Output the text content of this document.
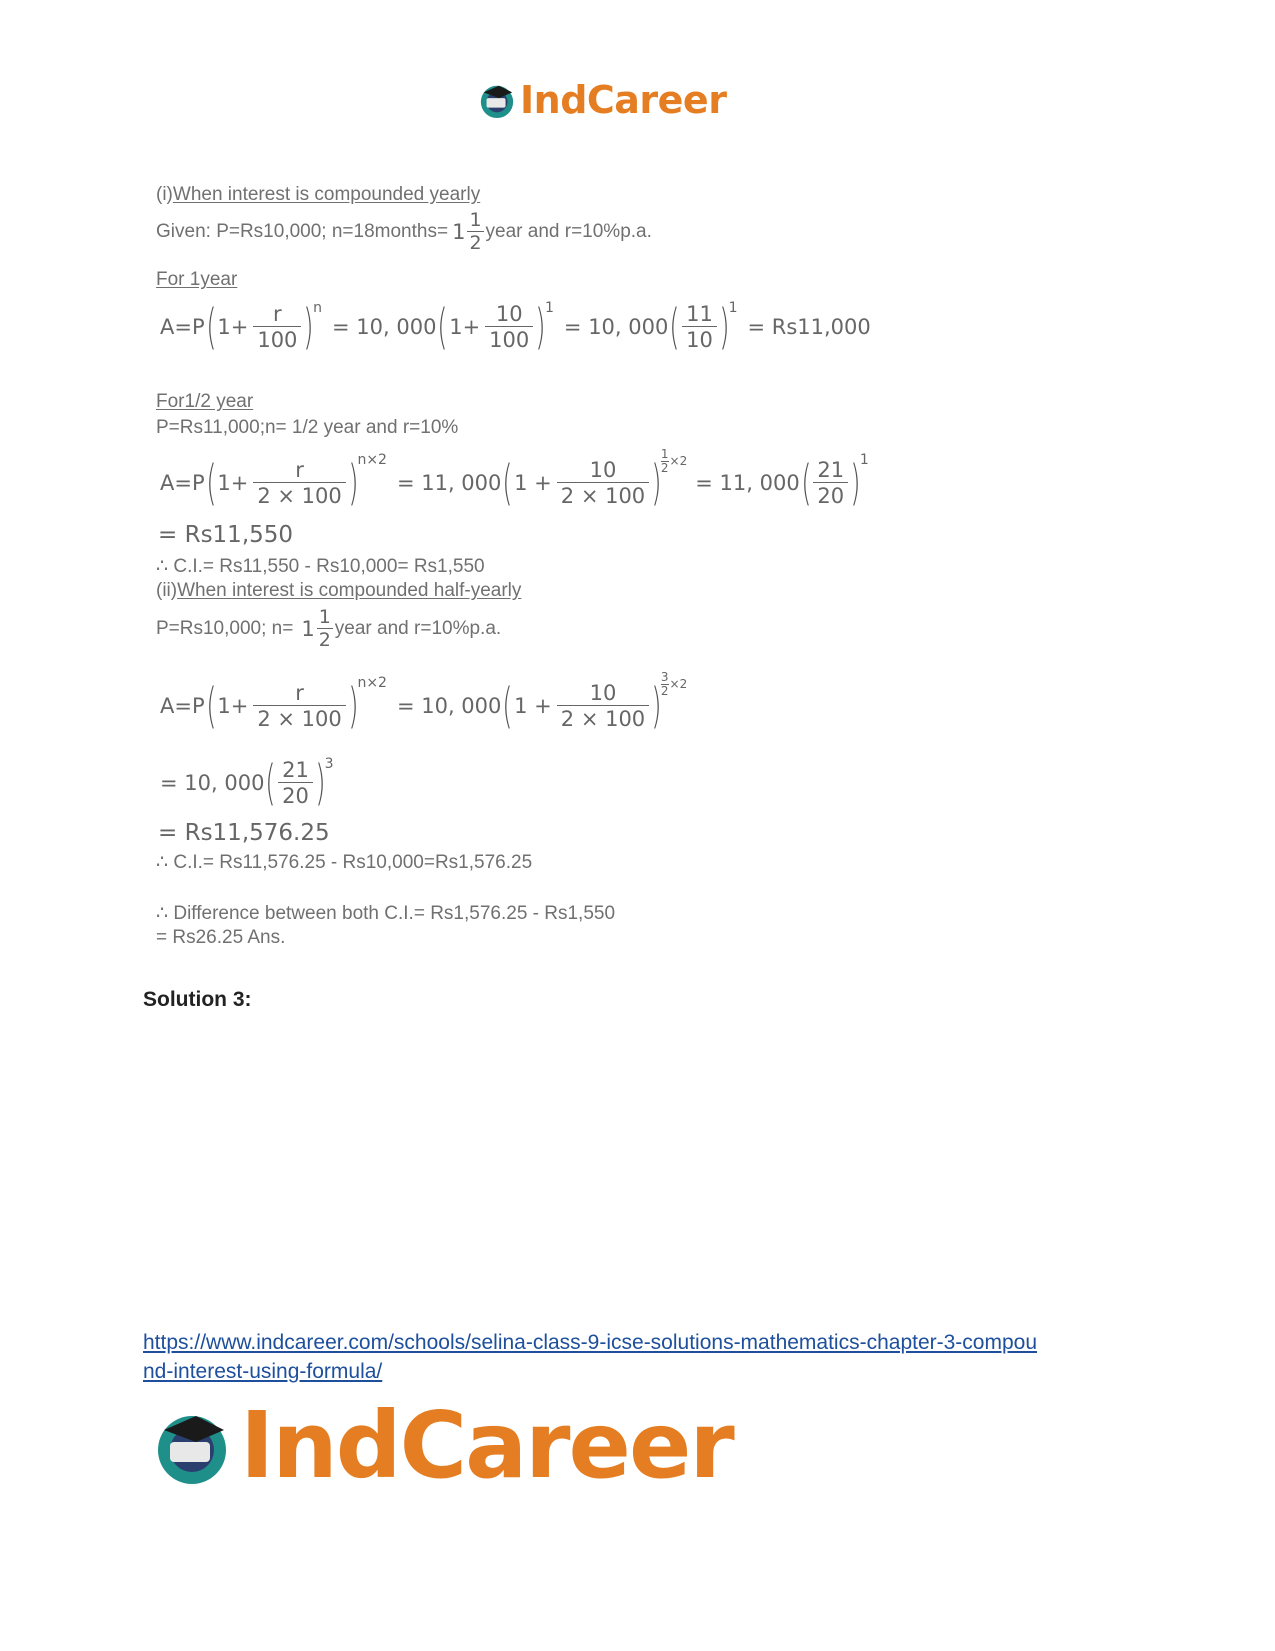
IndCareer
(i)When interest is compounded yearly
Given: P=Rs10,000; n=18months= $1 \frac{1}{2}$ year and r=10%p.a.
For 1year
A=P ( $1+ \frac{r}{100}$ ) n
= 10, 000 ( $1+ \frac{10}{100}$ ) 1
= 10, 000 ( $\frac{11}{10}$ ) 1
= Rs11,000
For1/2 year
P=Rs11,000;n= 1/2 year and r=10%
A=P ( $1+ \frac{r}{2 \times 100}$ ) n×2
= 11, 000 ( $1 + \frac{10}{2 \times 100}$ ) $\frac{1}{2} \times 2$
= 11, 000 ( $\frac{21}{20}$ ) 1
= Rs11,550
∴ C.I.= Rs11,550 - Rs10,000= Rs1,550
(ii)When interest is compounded half-yearly
P=Rs10,000; $n= 1 \frac{1}{2}$ year and r=10%p.a.
A=P ( $1+ \frac{r}{2 \times 100}$ ) n×2
= 10, 000 ( $1 + \frac{10}{2 \times 100}$ ) $\frac{3}{2} \times 2$
= 10, 000 ( $\frac{21}{20}$ ) 3
= Rs11,576.25
∴ C.I.= Rs11,576.25 - Rs10,000=Rs1,576.25
∴ Difference between both C.I.= Rs1,576.25 - Rs1,550
= Rs26.25 Ans.
Solution 3:
https://www.indcareer.com/schools/selina-class-9-icse-solutions-mathematics-chapter-3-compou
nd-interest-using-formula/
IndCareer
